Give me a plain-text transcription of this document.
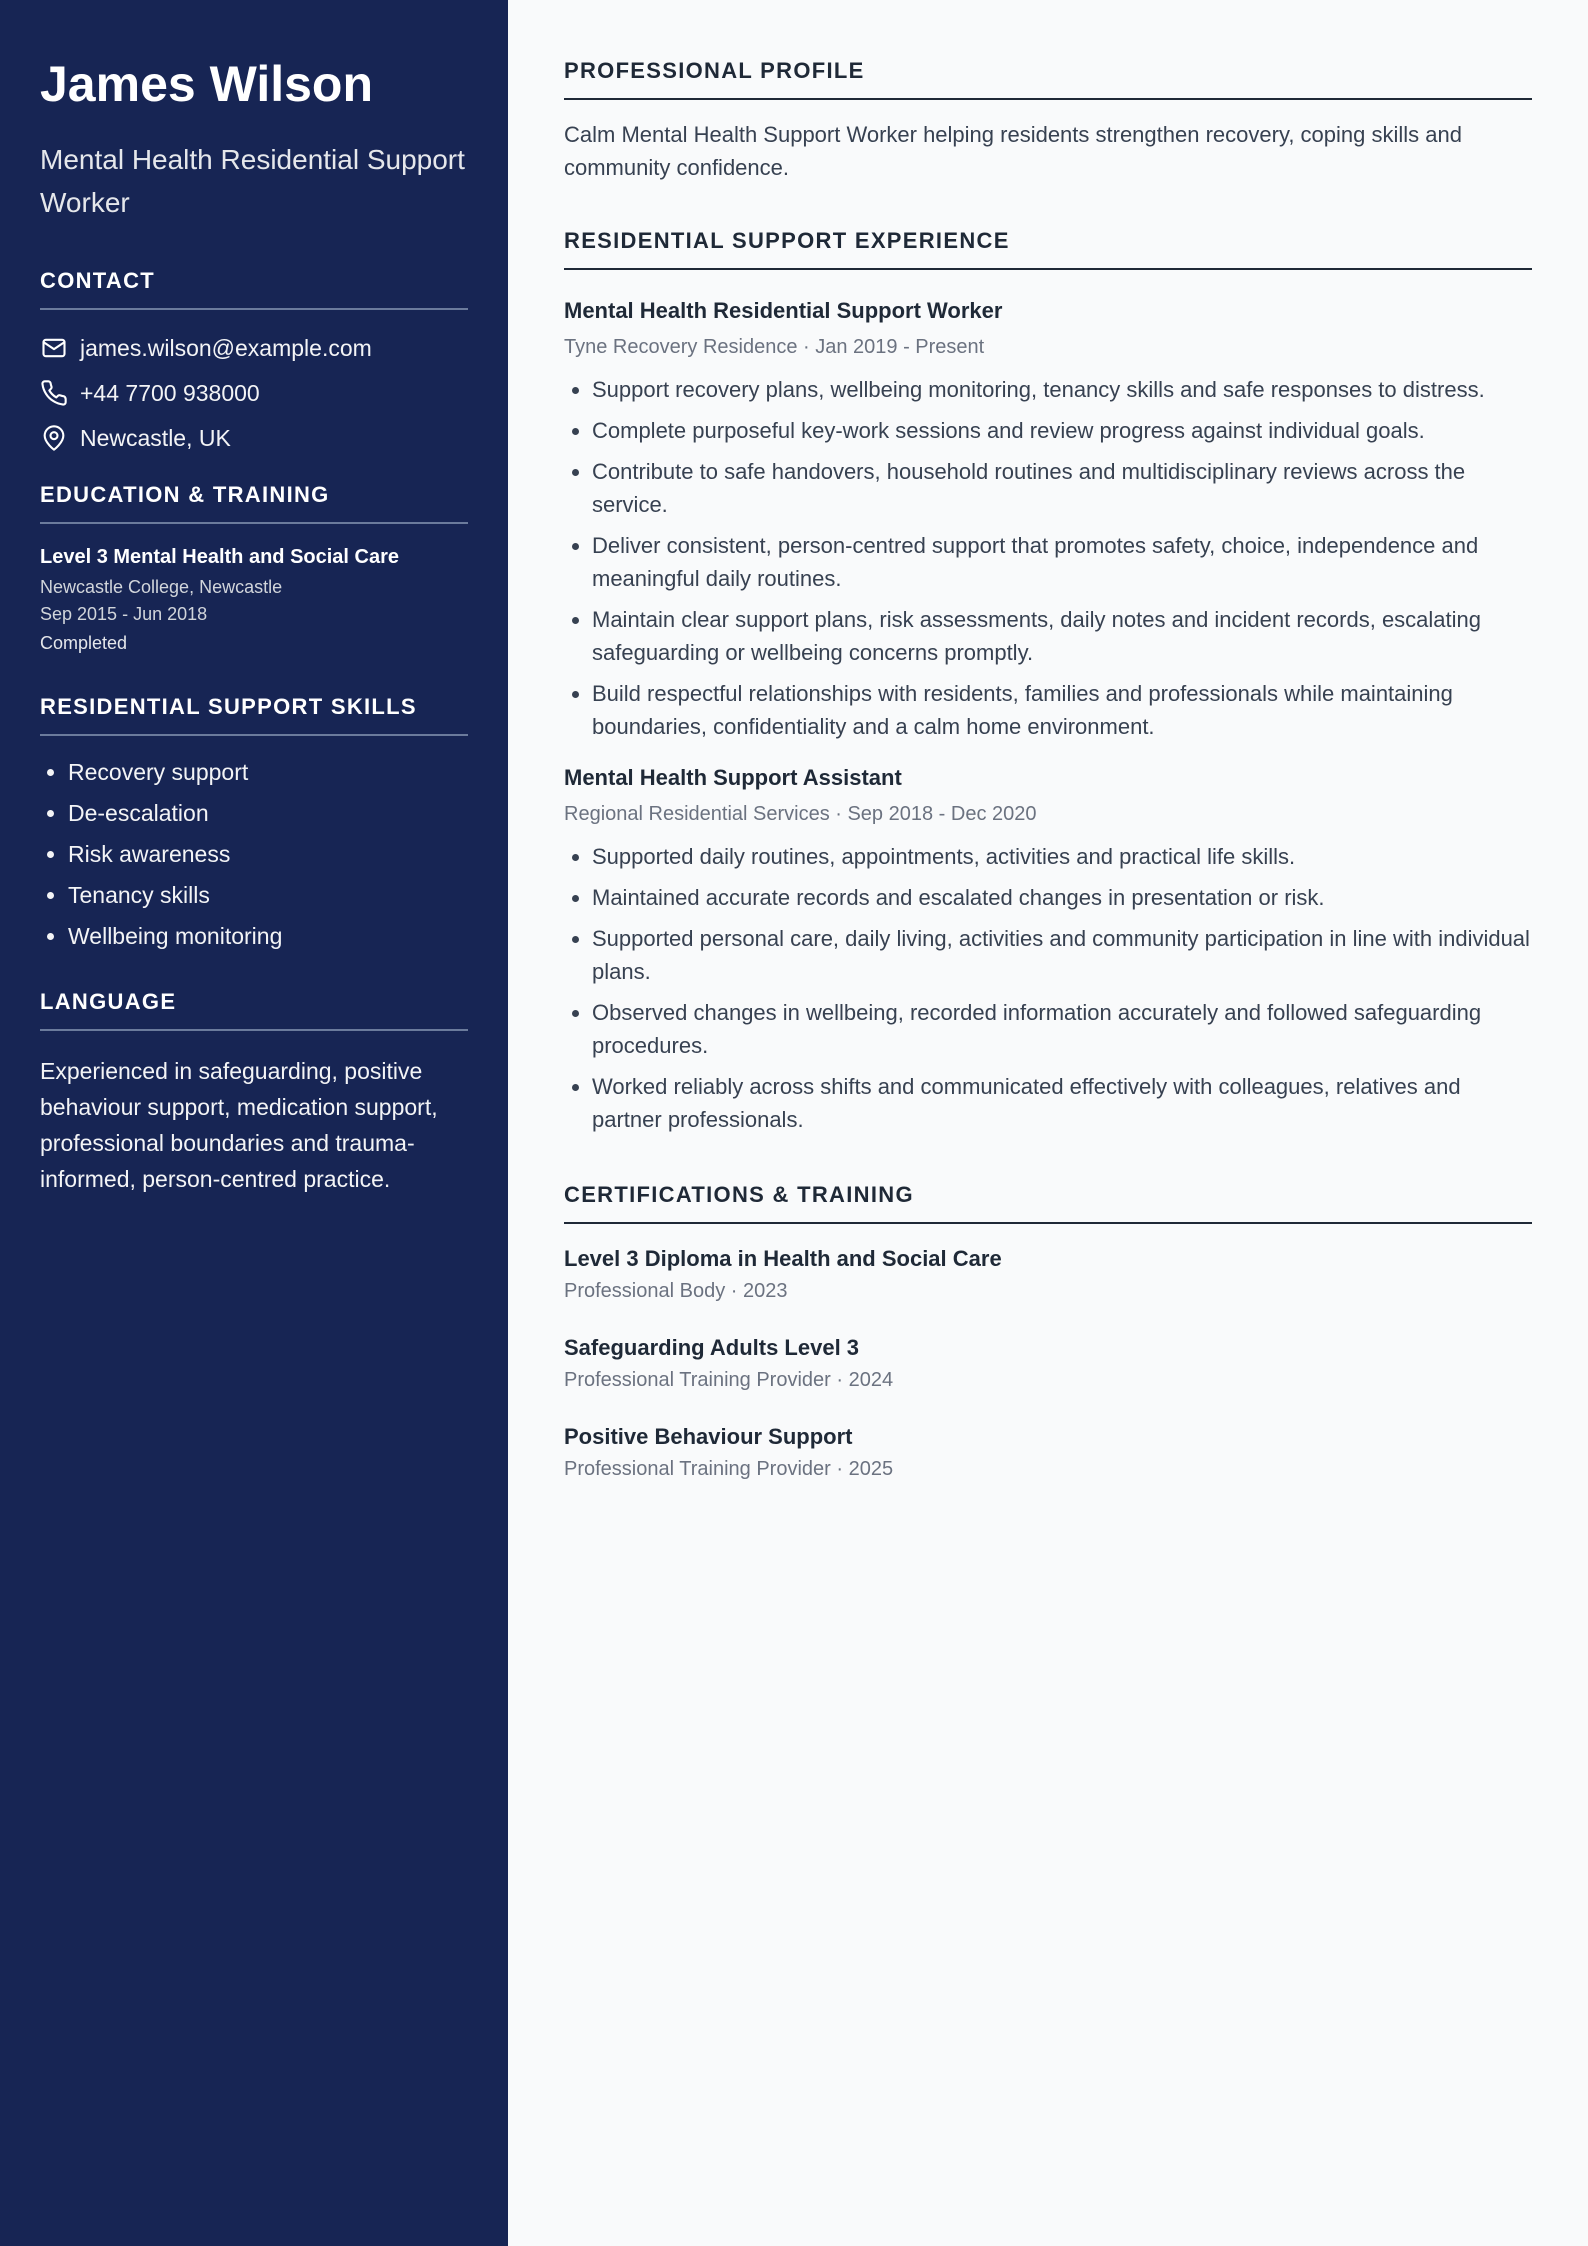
James Wilson
Mental Health Residential Support Worker
CONTACT
james.wilson@example.com
+44 7700 938000
Newcastle, UK
EDUCATION & TRAINING
Level 3 Mental Health and Social Care
Newcastle College, Newcastle
Sep 2015 - Jun 2018
Completed
RESIDENTIAL SUPPORT SKILLS
• Recovery support
• De-escalation
• Risk awareness
• Tenancy skills
• Wellbeing monitoring
LANGUAGE

Experienced in safeguarding, positive behaviour support, medication support, professional boundaries and trauma-informed, person-centred practice.

PROFESSIONAL PROFILE

Calm Mental Health Support Worker helping residents strengthen recovery, coping skills and community confidence.

RESIDENTIAL SUPPORT EXPERIENCE
Mental Health Residential Support Worker
Tyne Recovery Residence · Jan 2019 - Present
• Support recovery plans, wellbeing monitoring, tenancy skills and safe responses to distress.
• Complete purposeful key-work sessions and review progress against individual goals.
• Contribute to safe handovers, household routines and multidisciplinary reviews across the service.
• Deliver consistent, person-centred support that promotes safety, choice, independence and meaningful daily routines.
• Maintain clear support plans, risk assessments, daily notes and incident records, escalating safeguarding or wellbeing concerns promptly.
• Build respectful relationships with residents, families and professionals while maintaining boundaries, confidentiality and a calm home environment.
Mental Health Support Assistant
Regional Residential Services · Sep 2018 - Dec 2020
• Supported daily routines, appointments, activities and practical life skills.
• Maintained accurate records and escalated changes in presentation or risk.
• Supported personal care, daily living, activities and community participation in line with individual plans.
• Observed changes in wellbeing, recorded information accurately and followed safeguarding procedures.
• Worked reliably across shifts and communicated effectively with colleagues, relatives and partner professionals.
CERTIFICATIONS & TRAINING
Level 3 Diploma in Health and Social Care
Professional Body · 2023
Safeguarding Adults Level 3
Professional Training Provider · 2024
Positive Behaviour Support
Professional Training Provider · 2025
